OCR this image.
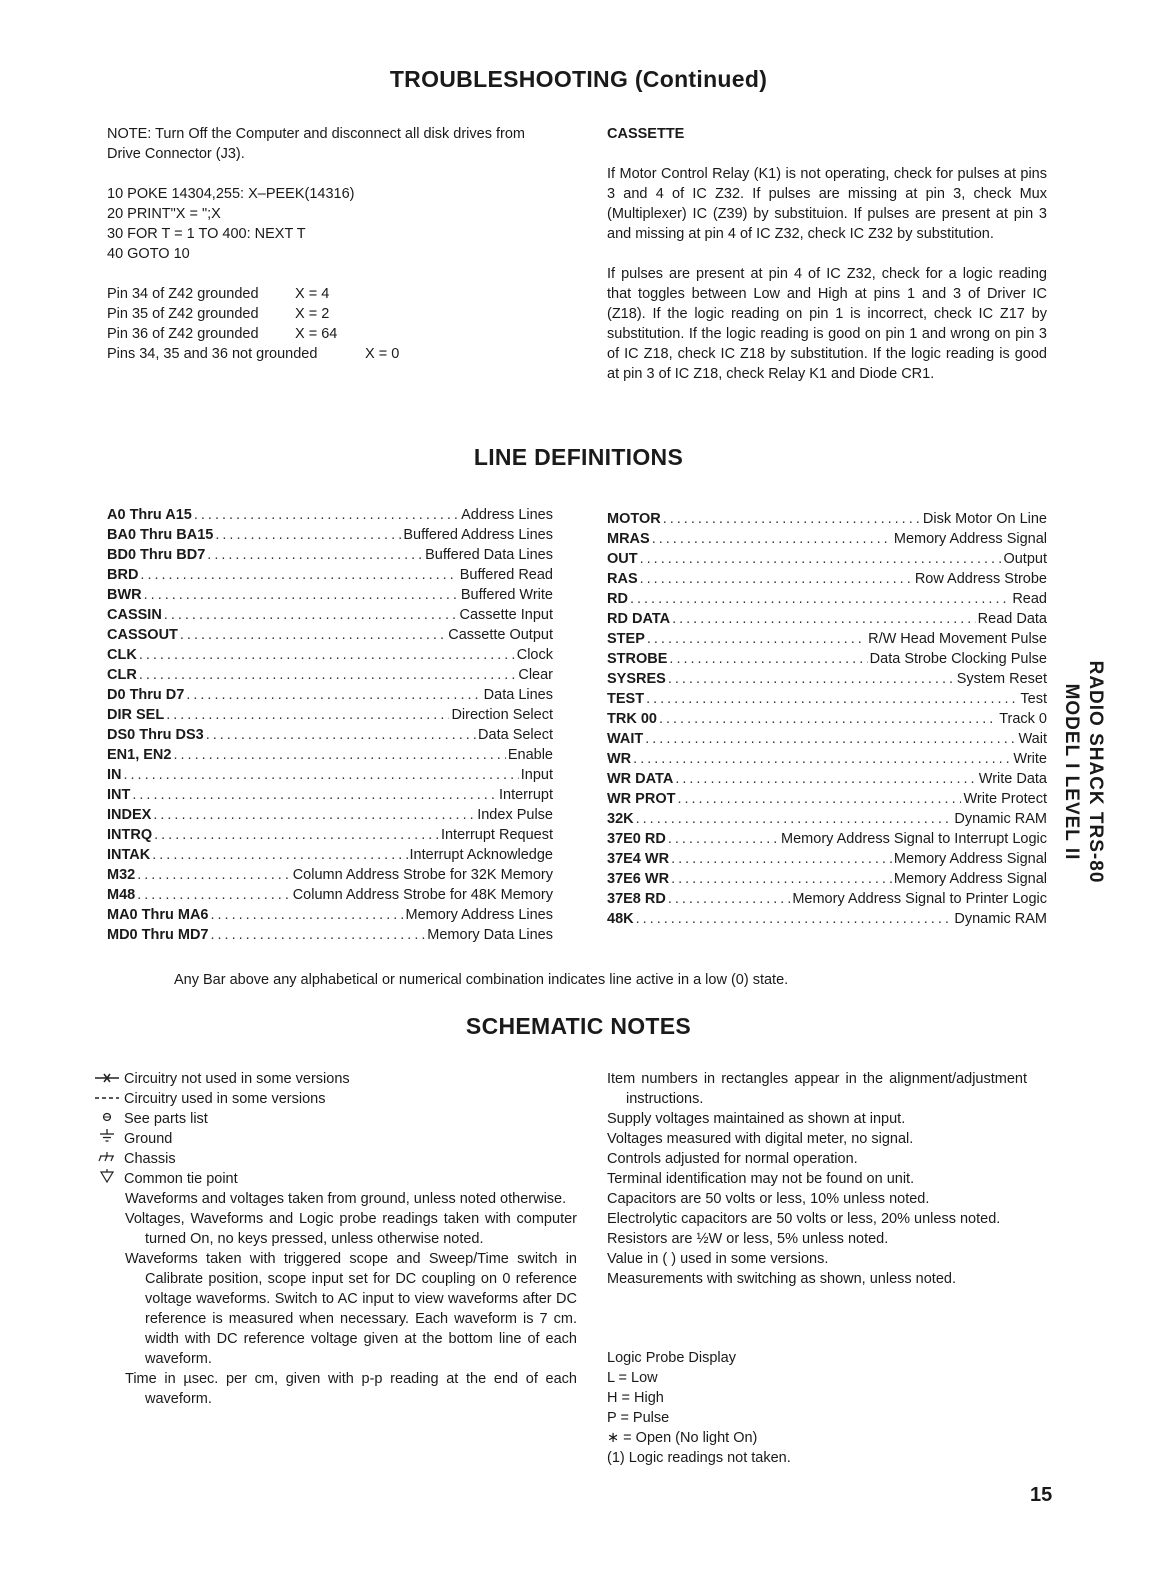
TROUBLESHOOTING (Continued)

NOTE: Turn Off the Computer and disconnect all disk drives from Drive Connector (J3).

10 POKE 14304,255: X–PEEK(14316)

20 PRINT"X = ";X

30 FOR T = 1 TO 400: NEXT T

40 GOTO 10

Pin 34 of Z42 grounded	X = 4
Pin 35 of Z42 grounded	X = 2
Pin 36 of Z42 grounded	X = 64
Pins 34, 35 and 36 not grounded	X = 0

CASSETTE

If Motor Control Relay (K1) is not operating, check for pulses at pins 3 and 4 of IC Z32. If pulses are missing at pin 3, check Mux (Multiplexer) IC (Z39) by substituion. If pulses are present at pin 3 and missing at pin 4 of IC Z32, check IC Z32 by substitution.

If pulses are present at pin 4 of IC Z32, check for a logic reading that toggles between Low and High at pins 1 and 3 of Driver IC (Z18). If the logic reading on pin 1 is incorrect, check IC Z17 by substitution. If the logic reading is good on pin 1 and wrong on pin 3 of IC Z18, check IC Z18 by substitution. If the logic reading is good at pin 3 of IC Z18, check Relay K1 and Diode CR1.

LINE DEFINITIONS
A0 Thru A15 .....	Address Lines
BA0 Thru BA15 .....	Buffered Address Lines
BD0 Thru BD7 .....	Buffered Data Lines
BRD .....	Buffered Read
BWR .....	Buffered Write
CASSIN .....	Cassette Input
CASSOUT .....	Cassette Output
CLK .....	Clock
CLR .....	Clear
D0 Thru D7 .....	Data Lines
DIR SEL .....	Direction Select
DS0 Thru DS3 .....	Data Select
EN1, EN2 .....	Enable
IN .....	Input
INT .....	Interrupt
INDEX .....	Index Pulse
INTRQ .....	Interrupt Request
INTAK .....	Interrupt Acknowledge
M32 .....	Column Address Strobe for 32K Memory
M48 .....	Column Address Strobe for 48K Memory
MA0 Thru MA6 .....	Memory Address Lines
MD0 Thru MD7 .....	Memory Data Lines
MOTOR .....	Disk Motor On Line
MRAS .....	Memory Address Signal
OUT .....	Output
RAS .....	Row Address Strobe
RD .....	Read
RD DATA .....	Read Data
STEP .....	R/W Head Movement Pulse
STROBE .....	Data Strobe Clocking Pulse
SYSRES .....	System Reset
TEST .....	Test
TRK 00 .....	Track 0
WAIT .....	Wait
WR .....	Write
WR DATA .....	Write Data
WR PROT .....	Write Protect
32K .....	Dynamic RAM
37E0 RD .....	Memory Address Signal to Interrupt Logic
37E4 WR .....	Memory Address Signal
37E6 WR .....	Memory Address Signal
37E8 RD .....	Memory Address Signal to Printer Logic
48K .....	Dynamic RAM
Any Bar above any alphabetical or numerical combination indicates line active in a low (0) state.
SCHEMATIC NOTES
Circuitry not used in some versions
Circuitry used in some versions
See parts list
Ground
Chassis
Common tie point

Waveforms and voltages taken from ground, unless noted otherwise.

Voltages, Waveforms and Logic probe readings taken with computer turned On, no keys pressed, unless otherwise noted.

Waveforms taken with triggered scope and Sweep/Time switch in Calibrate position, scope input set for DC coupling on 0 reference voltage waveforms. Switch to AC input to view waveforms after DC reference is measured when necessary. Each waveform is 7 cm. width with DC reference voltage given at the bottom line of each waveform.

Time in µsec. per cm, given with p-p reading at the end of each waveform.

Item numbers in rectangles appear in the alignment/adjustment instructions.

Supply voltages maintained as shown at input.

Voltages measured with digital meter, no signal.

Controls adjusted for normal operation.

Terminal identification may not be found on unit.

Capacitors are 50 volts or less, 10% unless noted.

Electrolytic capacitors are 50 volts or less, 20% unless noted.

Resistors are ½W or less, 5% unless noted.

Value in ( ) used in some versions.

Measurements with switching as shown, unless noted.

Logic Probe Display

L = Low

H = High

P = Pulse

∗ = Open (No light On)

(1) Logic readings not taken.

RADIO SHACK TRS-80
MODEL I LEVEL II
15
